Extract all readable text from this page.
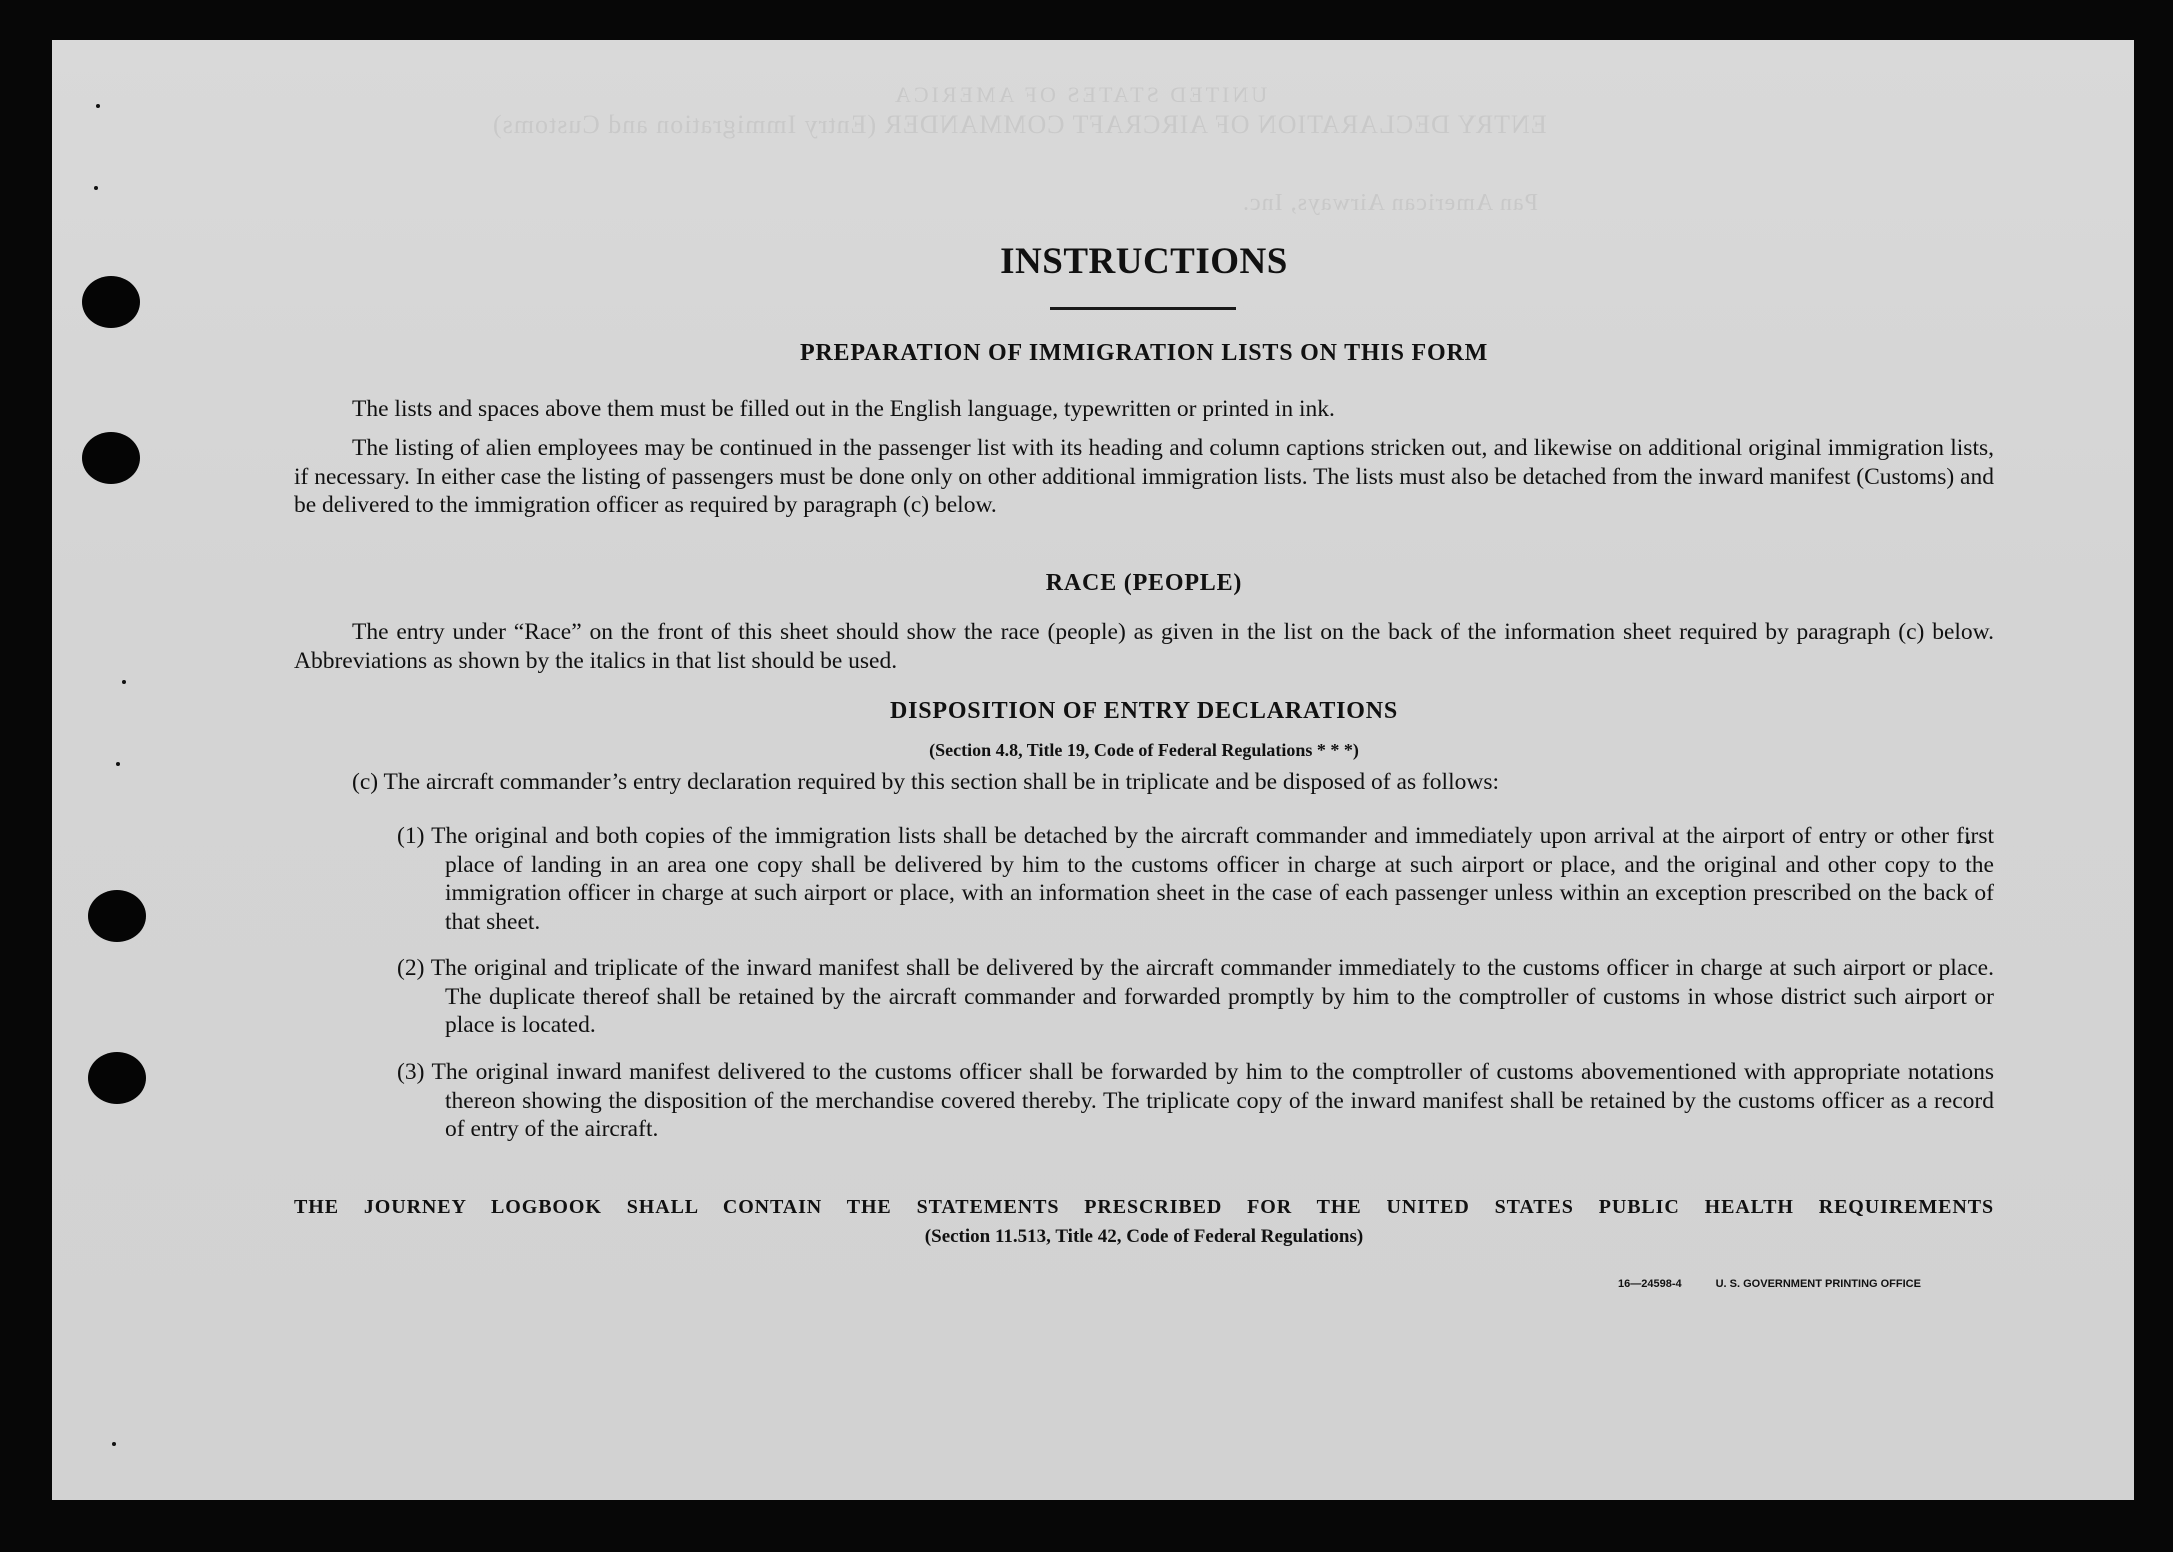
UNITED STATES OF AMERICA
ENTRY DECLARATION OF AIRCRAFT COMMANDER (Entry Immigration and Customs)
Pan American Airways, Inc.
INSTRUCTIONS
PREPARATION OF IMMIGRATION LISTS ON THIS FORM
The lists and spaces above them must be filled out in the English language, typewritten or printed in ink.
The listing of alien employees may be continued in the passenger list with its heading and column captions stricken out, and likewise on additional original immigration lists, if necessary. In either case the listing of passengers must be done only on other additional immigration lists. The lists must also be detached from the inward manifest (Customs) and be delivered to the immigration officer as required by paragraph (c) below.
RACE (PEOPLE)
The entry under “Race” on the front of this sheet should show the race (people) as given in the list on the back of the information sheet required by paragraph (c) below. Abbreviations as shown by the italics in that list should be used.
DISPOSITION OF ENTRY DECLARATIONS
(Section 4.8, Title 19, Code of Federal Regulations * * *)
(c) The aircraft commander’s entry declaration required by this section shall be in triplicate and be disposed of as follows:
(1) The original and both copies of the immigration lists shall be detached by the aircraft commander and immediately upon arrival at the airport of entry or other first place of landing in an area one copy shall be delivered by him to the customs officer in charge at such airport or place, and the original and other copy to the immigration officer in charge at such airport or place, with an information sheet in the case of each passenger unless within an exception prescribed on the back of that sheet.
(2) The original and triplicate of the inward manifest shall be delivered by the aircraft commander immediately to the customs officer in charge at such airport or place. The duplicate thereof shall be retained by the aircraft commander and forwarded promptly by him to the comptroller of customs in whose district such airport or place is located.
(3) The original inward manifest delivered to the customs officer shall be forwarded by him to the comptroller of customs abovementioned with appropriate notations thereon showing the disposition of the merchandise covered thereby. The triplicate copy of the inward manifest shall be retained by the customs officer as a record of entry of the aircraft.
THE JOURNEY LOGBOOK SHALL CONTAIN THE STATEMENTS PRESCRIBED FOR THE UNITED STATES PUBLIC HEALTH REQUIREMENTS
(Section 11.513, Title 42, Code of Federal Regulations)
16—24598-4	U. S. GOVERNMENT PRINTING OFFICE
